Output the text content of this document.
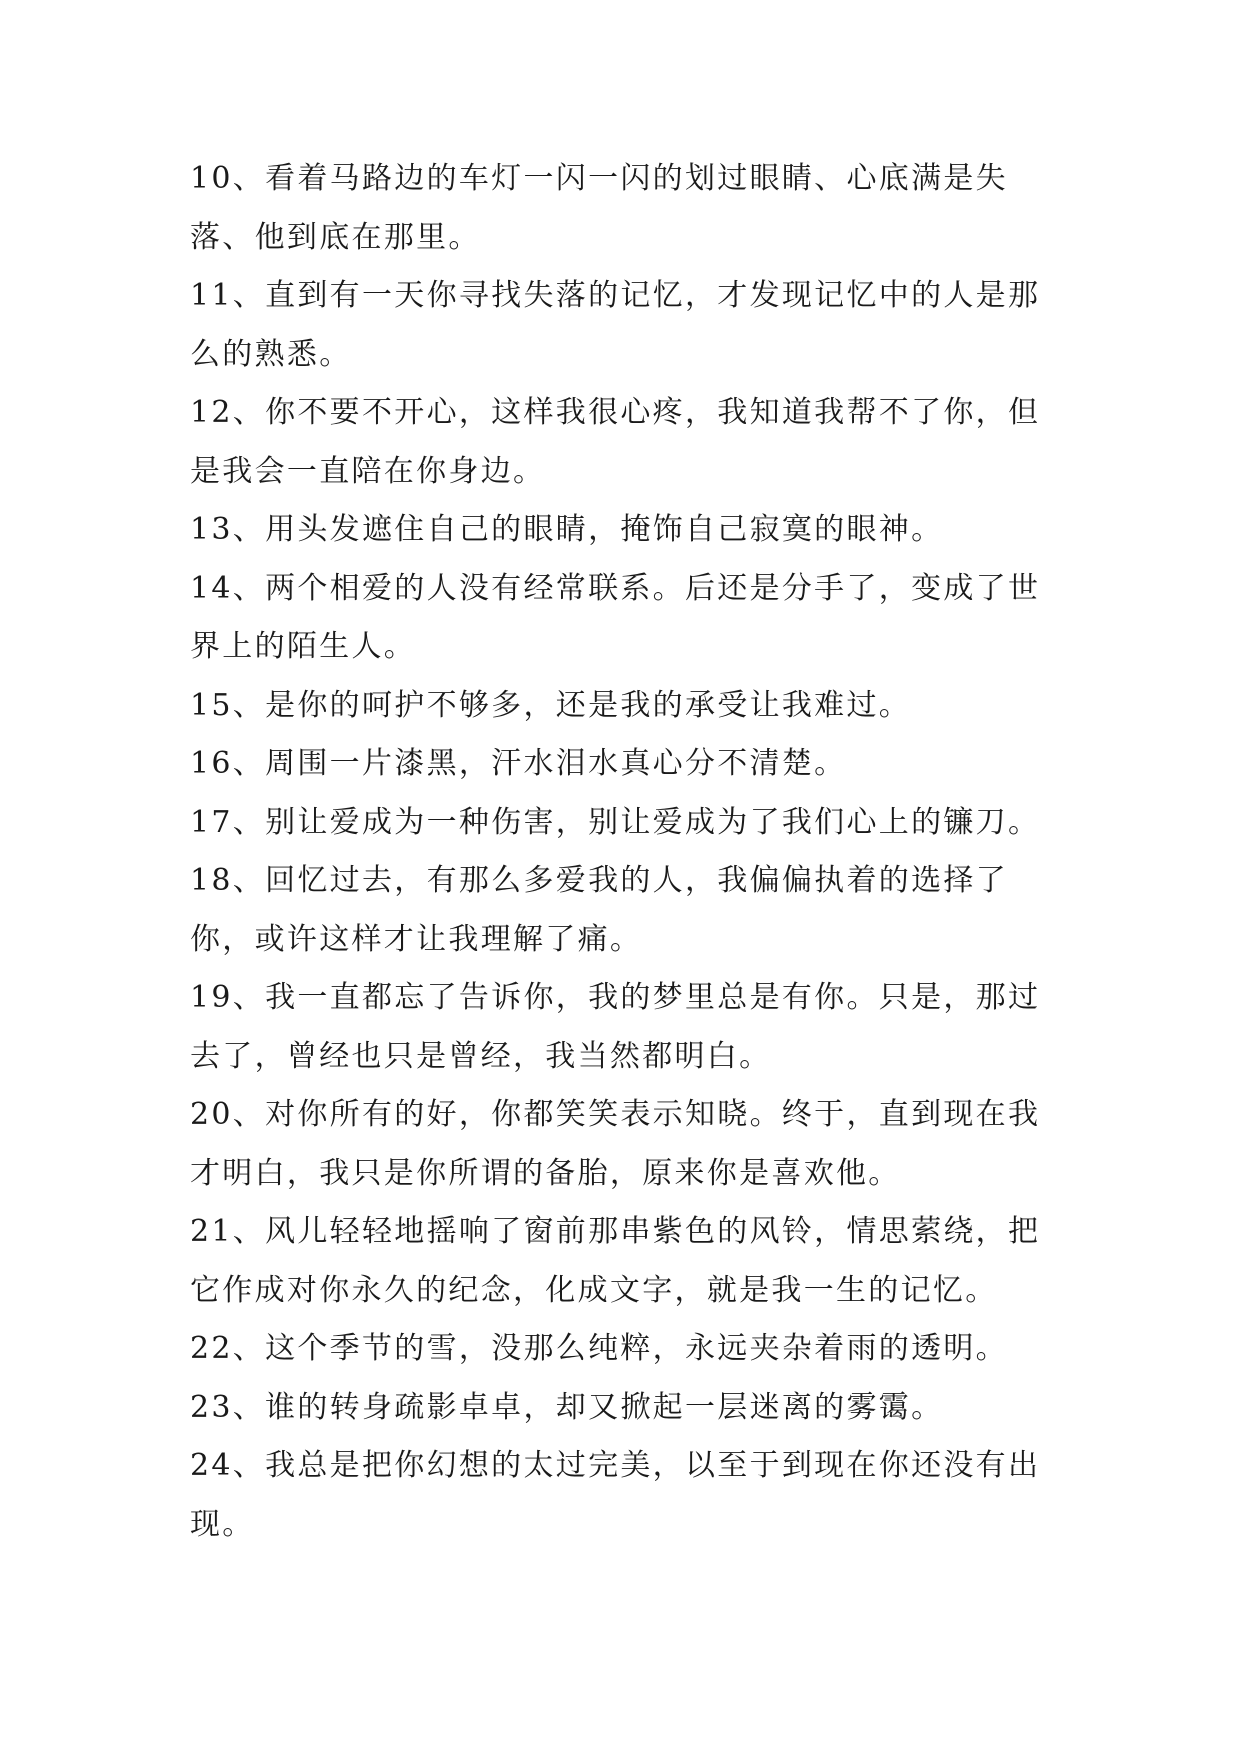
10、看着马路边的车灯一闪一闪的划过眼睛、心底满是失落、他到底在那里。

11、直到有一天你寻找失落的记忆，才发现记忆中的人是那么的熟悉。

12、你不要不开心，这样我很心疼，我知道我帮不了你，但是我会一直陪在你身边。

13、用头发遮住自己的眼睛，掩饰自己寂寞的眼神。

14、两个相爱的人没有经常联系。后还是分手了，变成了世界上的陌生人。

15、是你的呵护不够多，还是我的承受让我难过。

16、周围一片漆黑，汗水泪水真心分不清楚。

17、别让爱成为一种伤害，别让爱成为了我们心上的镰刀。

18、回忆过去，有那么多爱我的人，我偏偏执着的选择了你，或许这样才让我理解了痛。

19、我一直都忘了告诉你，我的梦里总是有你。只是，那过去了，曾经也只是曾经，我当然都明白。

20、对你所有的好，你都笑笑表示知晓。终于，直到现在我才明白，我只是你所谓的备胎，原来你是喜欢他。

21、风儿轻轻地摇响了窗前那串紫色的风铃，情思萦绕，把它作成对你永久的纪念，化成文字，就是我一生的记忆。

22、这个季节的雪，没那么纯粹，永远夹杂着雨的透明。

23、谁的转身疏影卓卓，却又掀起一层迷离的雾霭。

24、我总是把你幻想的太过完美，以至于到现在你还没有出现。
